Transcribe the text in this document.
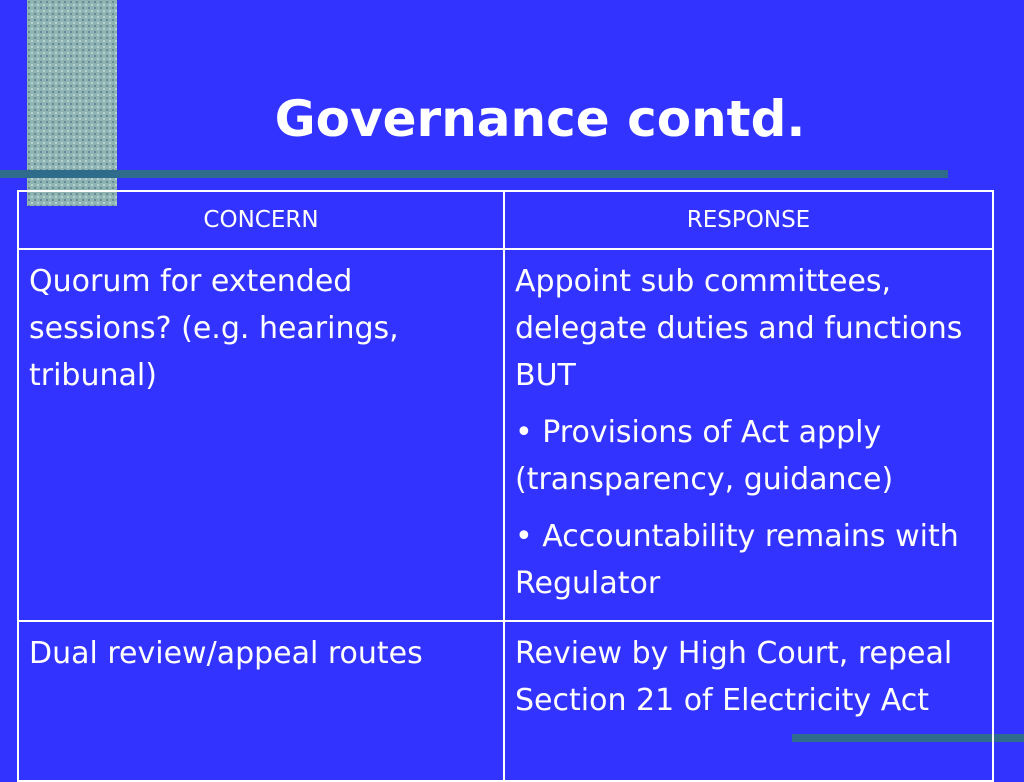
Governance contd.
CONCERN	RESPONSE

Quorum for extended sessions? (e.g. hearings, tribunal)	Appoint sub committees, delegate duties and functions BUT

• Provisions of Act apply (transparency, guidance)

• Accountability remains with Regulator

Dual review/appeal routes	Review by High Court, repeal Section 21 of Electricity Act
